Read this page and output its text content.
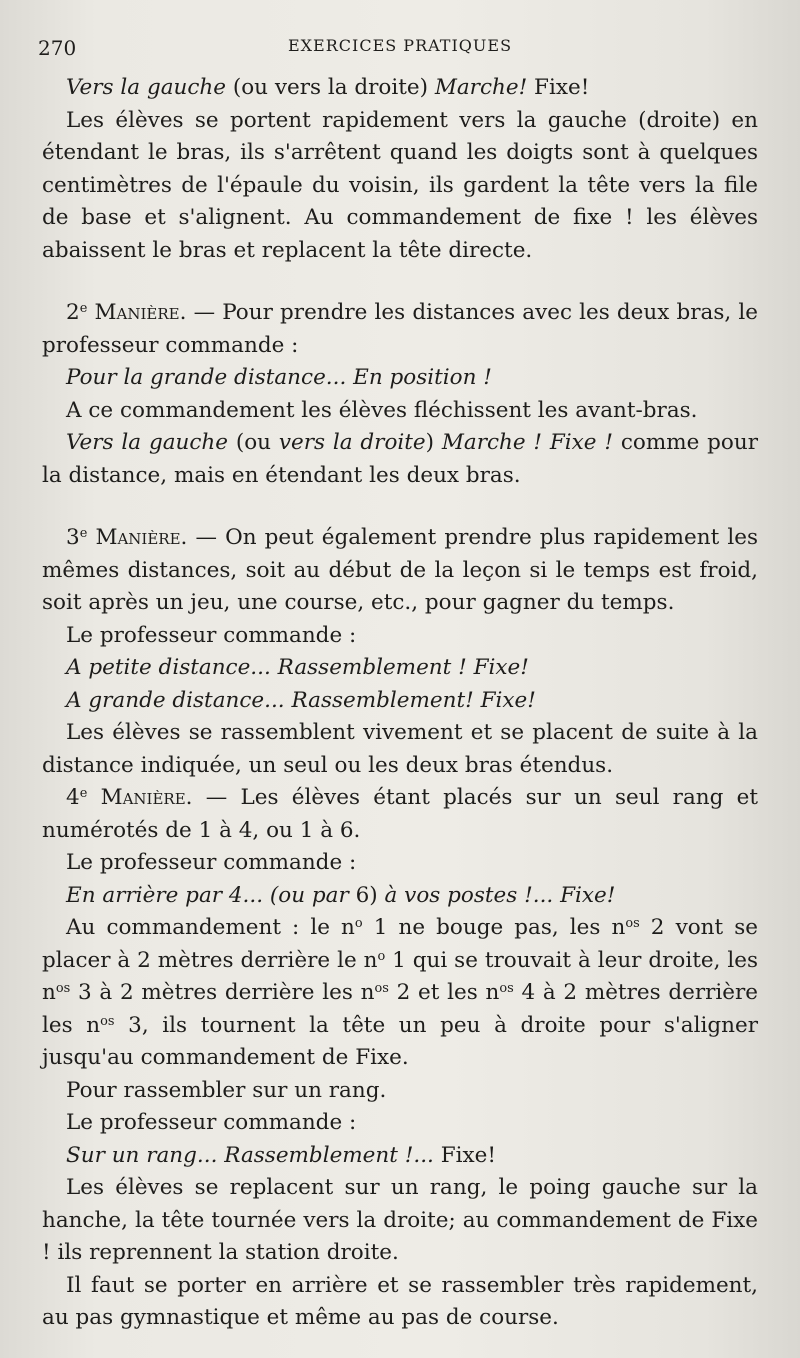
270	EXERCICES PRATIQUES

Vers la gauche (ou vers la droite) Marche! Fixe!

Les élèves se portent rapidement vers la gauche (droite) en étendant le bras, ils s'arrêtent quand les doigts sont à quelques centimètres de l'épaule du voisin, ils gardent la tête vers la file de base et s'alignent. Au commandement de fixe ! les élèves abaissent le bras et replacent la tête directe.

2e Manière. — Pour prendre les distances avec les deux bras, le professeur commande :

Pour la grande distance... En position !

A ce commandement les élèves fléchissent les avant-bras.

Vers la gauche (ou vers la droite) Marche ! Fixe ! comme pour la distance, mais en étendant les deux bras.

3e Manière. — On peut également prendre plus rapidement les mêmes distances, soit au début de la leçon si le temps est froid, soit après un jeu, une course, etc., pour gagner du temps.

Le professeur commande :

A petite distance... Rassemblement ! Fixe!

A grande distance... Rassemblement! Fixe!

Les élèves se rassemblent vivement et se placent de suite à la distance indiquée, un seul ou les deux bras étendus.

4e Manière. — Les élèves étant placés sur un seul rang et numérotés de 1 à 4, ou 1 à 6.

Le professeur commande :

En arrière par 4... (ou par 6) à vos postes !... Fixe!

Au commandement : le $n^o$ 1 ne bouge pas, les $n^{os}$ 2 vont se placer à 2 mètres derrière le $n^o$ 1 qui se trouvait à leur droite, les $n^{os}$ 3 à 2 mètres derrière les $n^{os}$ 2 et les $n^{os}$ 4 à 2 mètres derrière les $n^{os}$ 3, ils tournent la tête un peu à droite pour s'aligner jusqu'au commandement de Fixe.

Pour rassembler sur un rang.

Le professeur commande :

Sur un rang... Rassemblement !... Fixe!

Les élèves se replacent sur un rang, le poing gauche sur la hanche, la tête tournée vers la droite; au commandement de Fixe ! ils reprennent la station droite.

Il faut se porter en arrière et se rassembler très rapidement, au pas gymnastique et même au pas de course.
